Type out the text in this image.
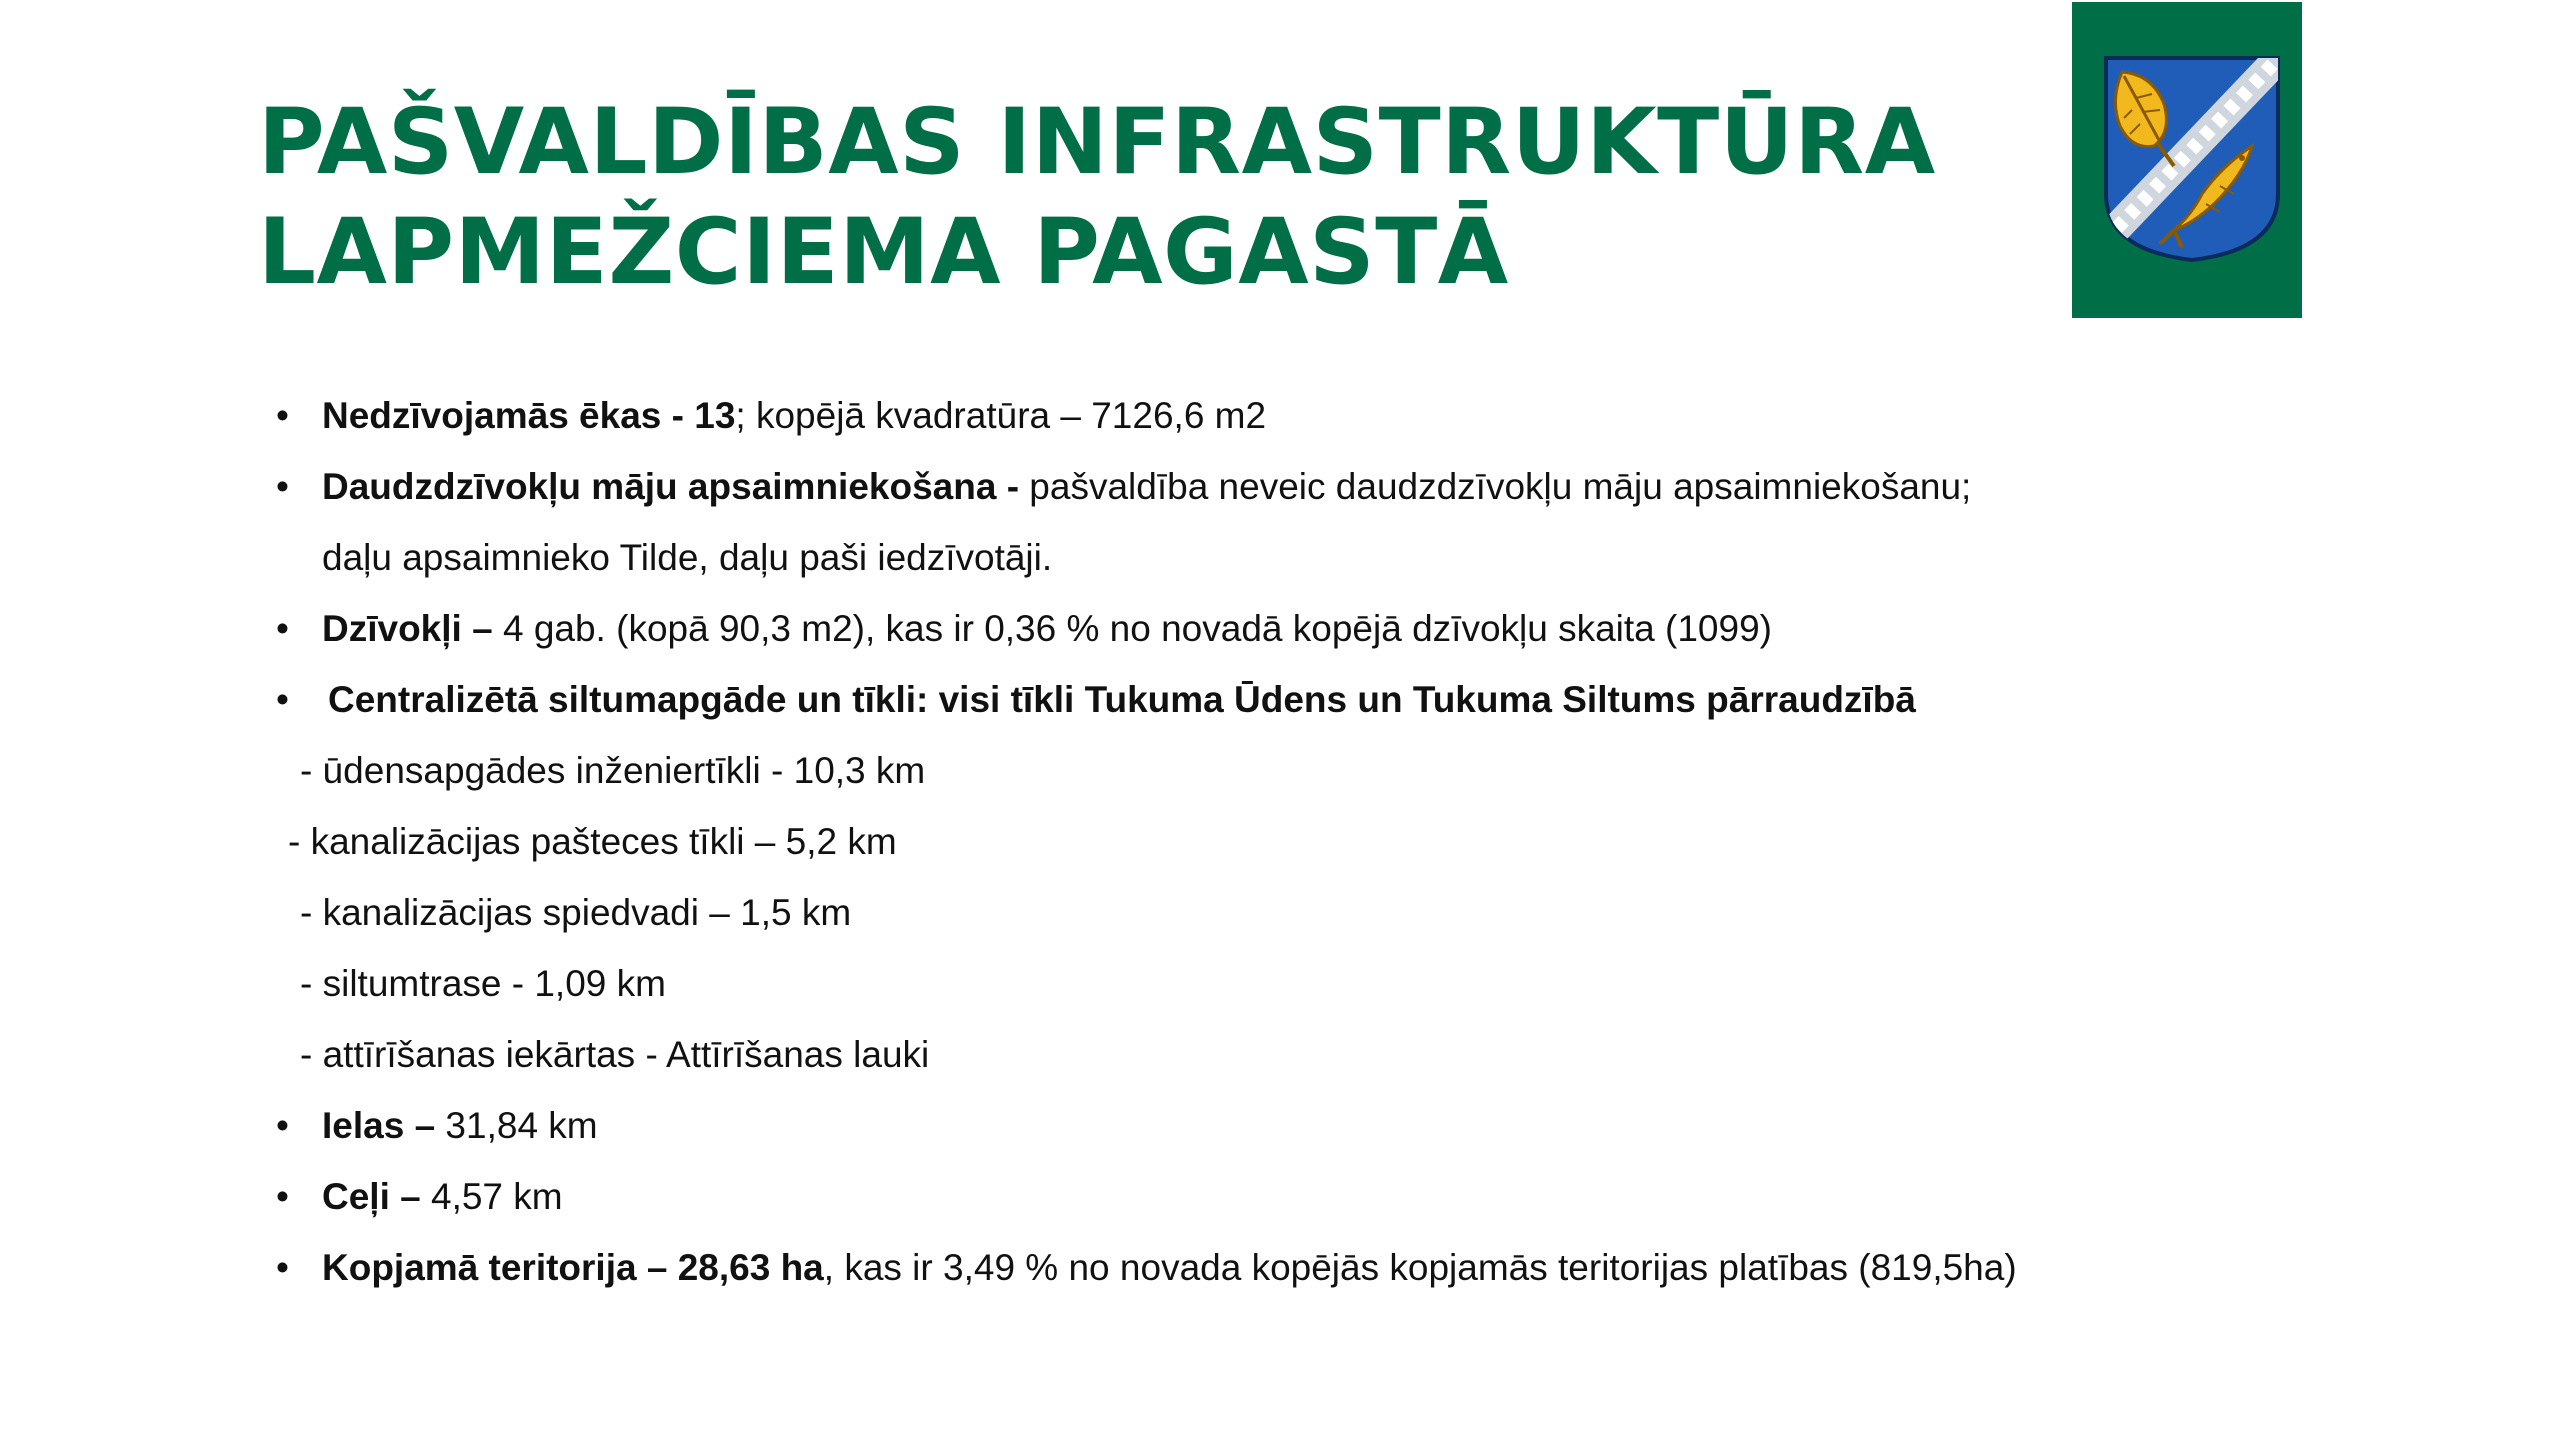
PAŠVALDĪBAS INFRASTRUKTŪRA
LAPMEŽCIEMA PAGASTĀ
• Nedzīvojamās ēkas - 13; kopējā kvadratūra – 7126,6 m2
• Daudzdzīvokļu māju apsaimniekošana - pašvaldība neveic daudzdzīvokļu māju apsaimniekošanu;
daļu apsaimnieko Tilde, daļu paši iedzīvotāji.
• Dzīvokļi – 4 gab. (kopā 90,3 m2), kas ir 0,36 % no novadā kopējā dzīvokļu skaita (1099)
• Centralizētā siltumapgāde un tīkli: visi tīkli Tukuma Ūdens un Tukuma Siltums pārraudzībā
- ūdensapgādes inženiertīkli - 10,3 km
- kanalizācijas pašteces tīkli – 5,2 km
- kanalizācijas spiedvadi – 1,5 km
- siltumtrase - 1,09 km
- attīrīšanas iekārtas - Attīrīšanas lauki
• Ielas – 31,84 km
• Ceļi – 4,57 km
• Kopjamā teritorija – 28,63 ha, kas ir 3,49 % no novada kopējās kopjamās teritorijas platības (819,5ha)
